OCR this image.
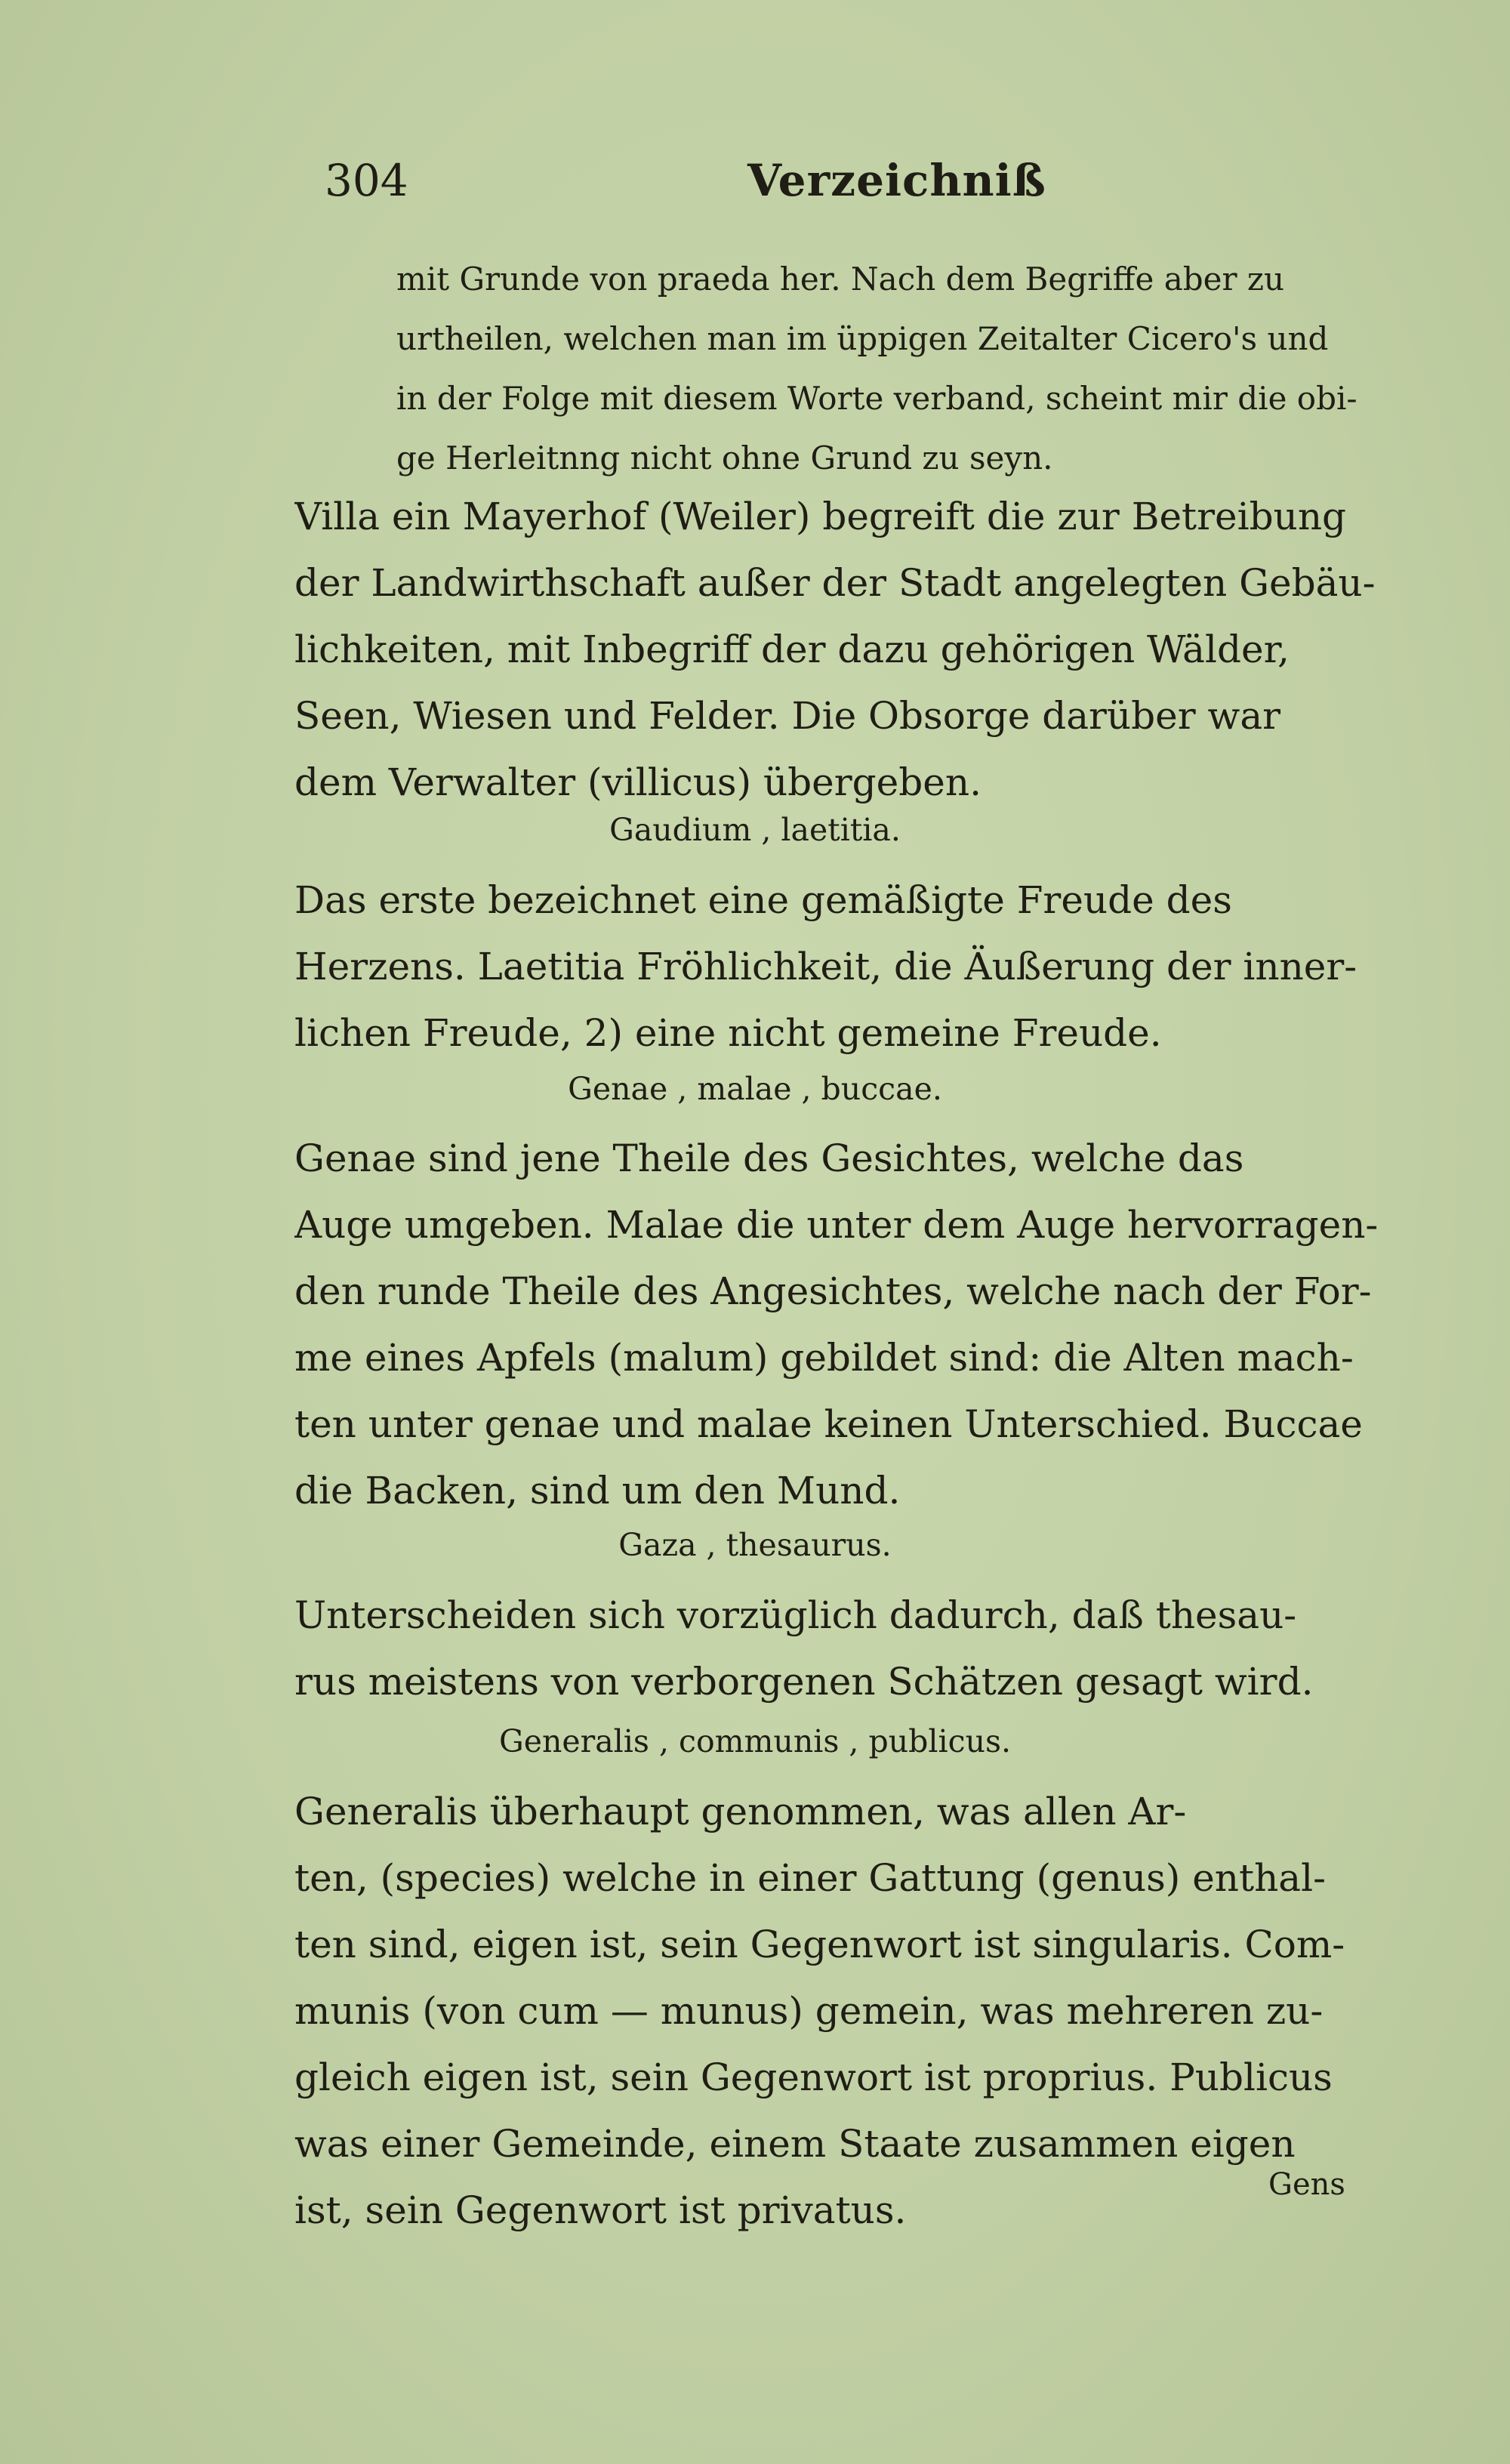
304	Verzeichniß
mit Grunde von praeda her. Nach dem Begriffe aber zu
urtheilen, welchen man im üppigen Zeitalter Cicero's und
in der Folge mit diesem Worte verband, scheint mir die obi-
ge Herleitnng nicht ohne Grund zu seyn.
Villa ein Mayerhof (Weiler) begreift die zur Betreibung
der Landwirthschaft außer der Stadt angelegten Gebäu-
lichkeiten, mit Inbegriff der dazu gehörigen Wälder,
Seen, Wiesen und Felder. Die Obsorge darüber war
dem Verwalter (villicus) übergeben.
Gaudium , laetitia.
Das erste bezeichnet eine gemäßigte Freude des
Herzens. Laetitia Fröhlichkeit, die Äußerung der inner-
lichen Freude, 2) eine nicht gemeine Freude.
Genae , malae , buccae.
Genae sind jene Theile des Gesichtes, welche das
Auge umgeben. Malae die unter dem Auge hervorragen-
den runde Theile des Angesichtes, welche nach der For-
me eines Apfels (malum) gebildet sind: die Alten mach-
ten unter genae und malae keinen Unterschied. Buccae
die Backen, sind um den Mund.
Gaza , thesaurus.
Unterscheiden sich vorzüglich dadurch, daß thesau-
rus meistens von verborgenen Schätzen gesagt wird.
Generalis , communis , publicus.
Generalis überhaupt genommen, was allen Ar-
ten, (species) welche in einer Gattung (genus) enthal-
ten sind, eigen ist, sein Gegenwort ist singularis. Com-
munis (von cum — munus) gemein, was mehreren zu-
gleich eigen ist, sein Gegenwort ist proprius. Publicus
was einer Gemeinde, einem Staate zusammen eigen
ist, sein Gegenwort ist privatus.
Gens
